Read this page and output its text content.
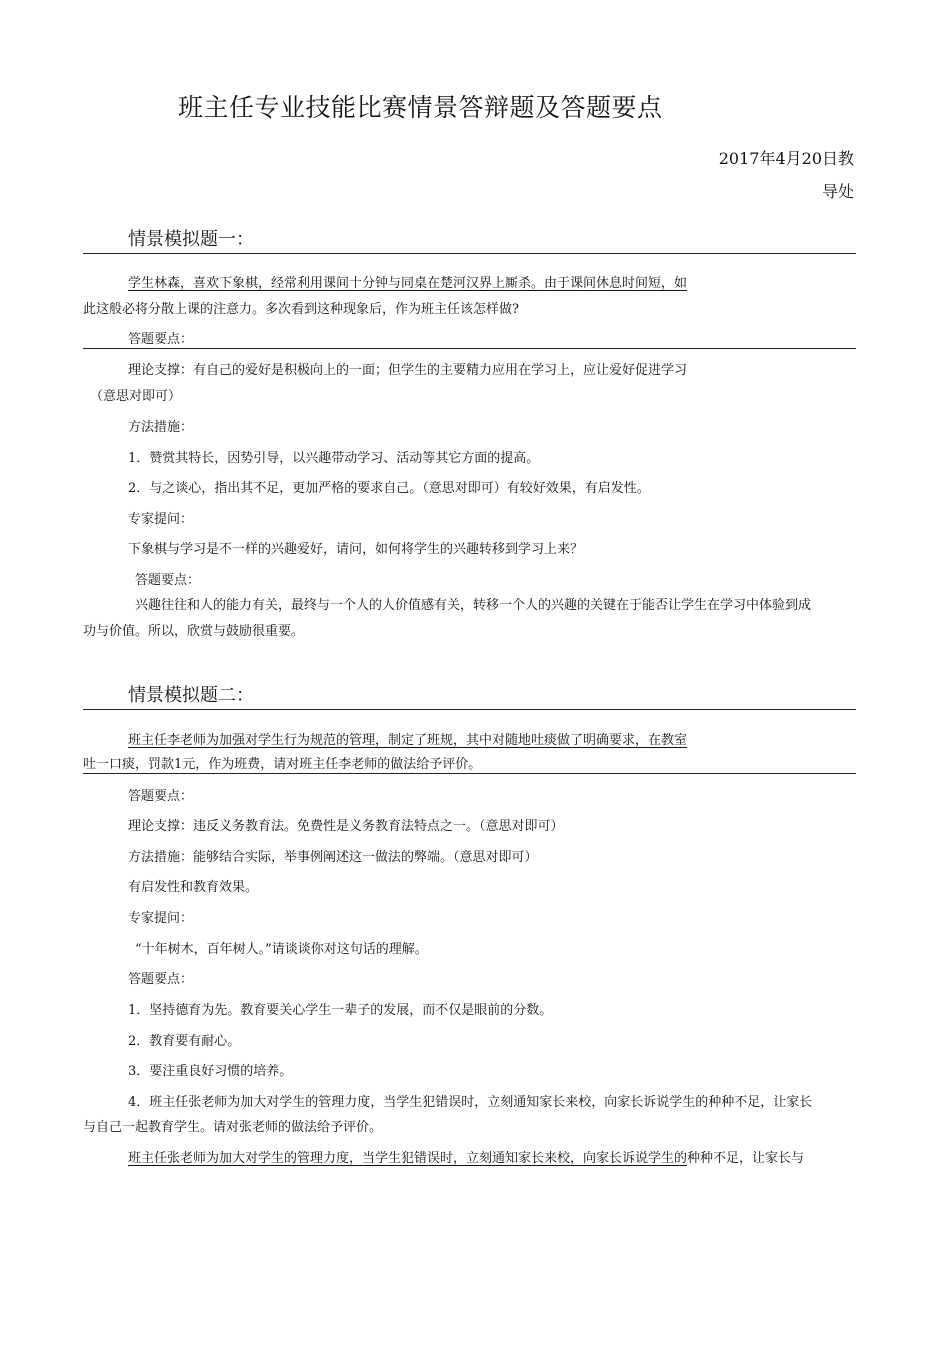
班主任专业技能比赛情景答辩题及答题要点
2017年4月20日教
导处
情景模拟题一：
学生林森，喜欢下象棋，经常利用课间十分钟与同桌在楚河汉界上厮杀。由于课间休息时间短，如
此这般必将分散上课的注意力。多次看到这种现象后，作为班主任该怎样做?
答题要点：
理论支撑：有自己的爱好是积极向上的一面；但学生的主要精力应用在学习上，应让爱好促进学习
（意思对即可）
方法措施：
1．赞赏其特长，因势引导，以兴趣带动学习、活动等其它方面的提高。
2．与之谈心，指出其不足，更加严格的要求自己。（意思对即可）有较好效果，有启发性。
专家提问：
下象棋与学习是不一样的兴趣爱好，请问，如何将学生的兴趣转移到学习上来？
答题要点：
兴趣往往和人的能力有关，最终与一个人的人价值感有关，转移一个人的兴趣的关键在于能否让学生在学习中体验到成
功与价值。所以，欣赏与鼓励很重要。
情景模拟题二：
班主任李老师为加强对学生行为规范的管理，制定了班规，其中对随地吐痰做了明确要求，在教室
吐一口痰，罚款1元，作为班费，请对班主任李老师的做法给予评价。
答题要点：
理论支撑：违反义务教育法。免费性是义务教育法特点之一。（意思对即可）
方法措施：能够结合实际，举事例阐述这一做法的弊端。（意思对即可）
有启发性和教育效果。
专家提问：
“十年树木，百年树人。”请谈谈你对这句话的理解。
答题要点：
1．坚持德育为先。教育要关心学生一辈子的发展，而不仅是眼前的分数。
2．教育要有耐心。
3．要注重良好习惯的培养。
4．班主任张老师为加大对学生的管理力度，当学生犯错误时，立刻通知家长来校，向家长诉说学生的种种不足，让家长
与自己一起教育学生。请对张老师的做法给予评价。
班主任张老师为加大对学生的管理力度，当学生犯错误时，立刻通知家长来校，向家长诉说学生的种种不足，让家长与
